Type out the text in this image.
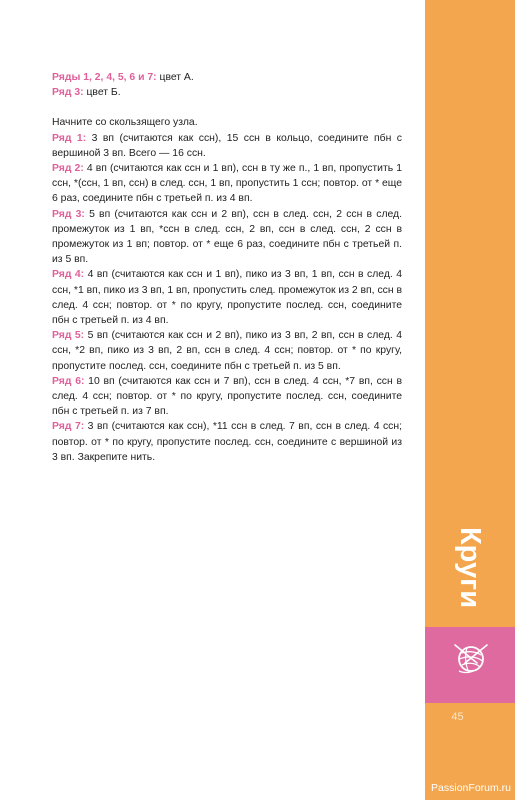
Ряды 1, 2, 4, 5, 6 и 7: цвет А.

Ряд 3: цвет Б.

Начните со скользящего узла.

Ряд 1: 3 вп (считаются как ссн), 15 ссн в кольцо, соедините пбн с вершиной 3 вп. Всего — 16 ссн.

Ряд 2: 4 вп (считаются как ссн и 1 вп), ссн в ту же п., 1 вп, пропустить 1 ссн, *(ссн, 1 вп, ссн) в след. ссн, 1 вп, пропустить 1 ссн; повтор. от * еще 6 раз, соедините пбн с третьей п. из 4 вп.

Ряд 3: 5 вп (считаются как ссн и 2 вп), ссн в след. ссн, 2 ссн в след. промежуток из 1 вп, *ссн в след. ссн, 2 вп, ссн в след. ссн, 2 ссн в промежуток из 1 вп; повтор. от * еще 6 раз, соедините пбн с третьей п. из 5 вп.

Ряд 4: 4 вп (считаются как ссн и 1 вп), пико из 3 вп, 1 вп, ссн в след. 4 ссн, *1 вп, пико из 3 вп, 1 вп, пропустить след. промежуток из 2 вп, ссн в след. 4 ссн; повтор. от * по кругу, пропустите послед. ссн, соедините пбн с третьей п. из 4 вп.

Ряд 5: 5 вп (считаются как ссн и 2 вп), пико из 3 вп, 2 вп, ссн в след. 4 ссн, *2 вп, пико из 3 вп, 2 вп, ссн в след. 4 ссн; повтор. от * по кругу, пропустите послед. ссн, соедините пбн с третьей п. из 5 вп.

Ряд 6: 10 вп (считаются как ссн и 7 вп), ссн в след. 4 ссн, *7 вп, ссн в след. 4 ссн; повтор. от * по кругу, пропустите послед. ссн, соедините пбн с третьей п. из 7 вп.

Ряд 7: 3 вп (считаются как ссн), *11 ссн в след. 7 вп, ссн в след. 4 ссн; повтор. от * по кругу, пропустите послед. ссн, соедините с вершиной из 3 вп. Закрепите нить.

Круги
45
PassionForum.ru
